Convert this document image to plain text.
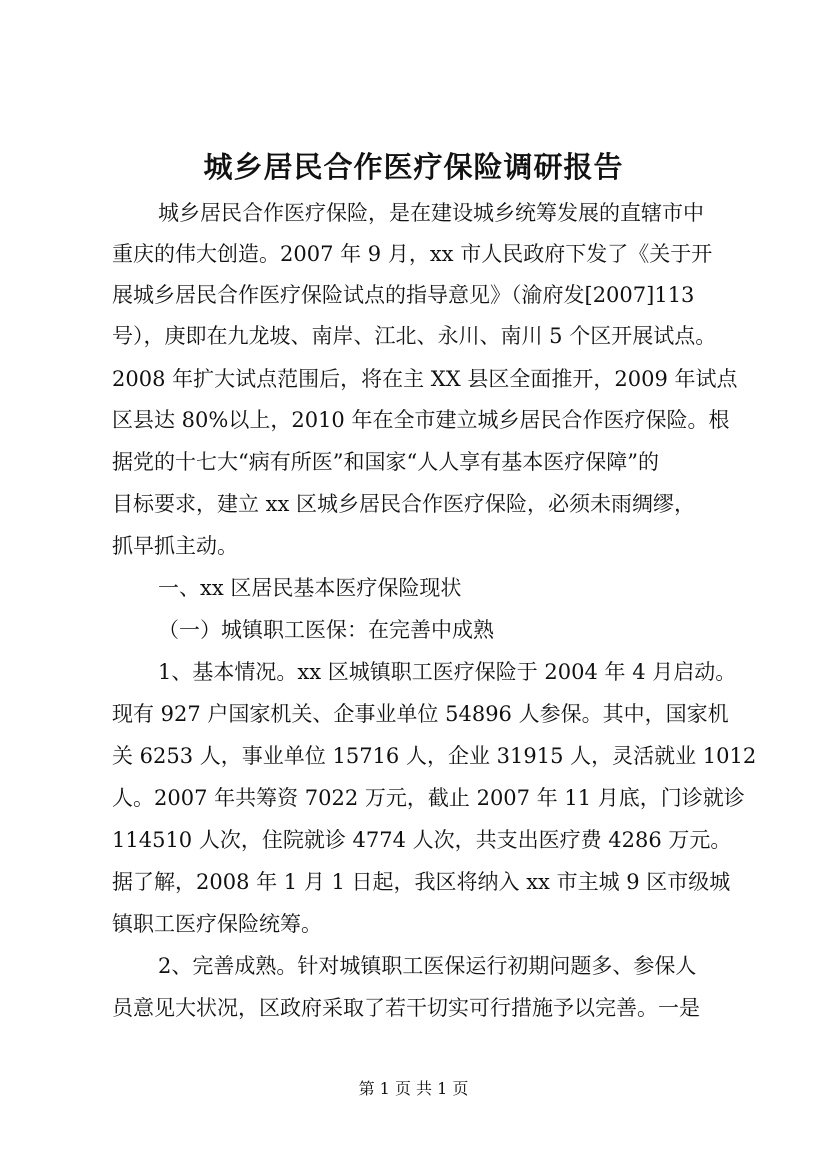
城乡居民合作医疗保险调研报告
城乡居民合作医疗保险，是在建设城乡统筹发展的直辖市中
重庆的伟大创造。2007 年 9 月，xx 市人民政府下发了《关于开
展城乡居民合作医疗保险试点的指导意见》（渝府发[2007]113
号），庚即在九龙坡、南岸、江北、永川、南川 5 个区开展试点。
2008 年扩大试点范围后，将在主 XX 县区全面推开，2009 年试点
区县达 80%以上，2010 年在全市建立城乡居民合作医疗保险。根
据党的十七大“病有所医”和国家“人人享有基本医疗保障”的
目标要求，建立 xx 区城乡居民合作医疗保险，必须未雨绸缪，
抓早抓主动。
一、xx 区居民基本医疗保险现状
（一）城镇职工医保：在完善中成熟
1、基本情况。xx 区城镇职工医疗保险于 2004 年 4 月启动。
现有 927 户国家机关、企事业单位 54896 人参保。其中，国家机
关 6253 人，事业单位 15716 人，企业 31915 人，灵活就业 1012
人。2007 年共筹资 7022 万元，截止 2007 年 11 月底，门诊就诊
114510 人次，住院就诊 4774 人次，共支出医疗费 4286 万元。
据了解，2008 年 1 月 1 日起，我区将纳入 xx 市主城 9 区市级城
镇职工医疗保险统筹。
2、完善成熟。针对城镇职工医保运行初期问题多、参保人
员意见大状况，区政府采取了若干切实可行措施予以完善。一是
第 1 页 共 1 页
